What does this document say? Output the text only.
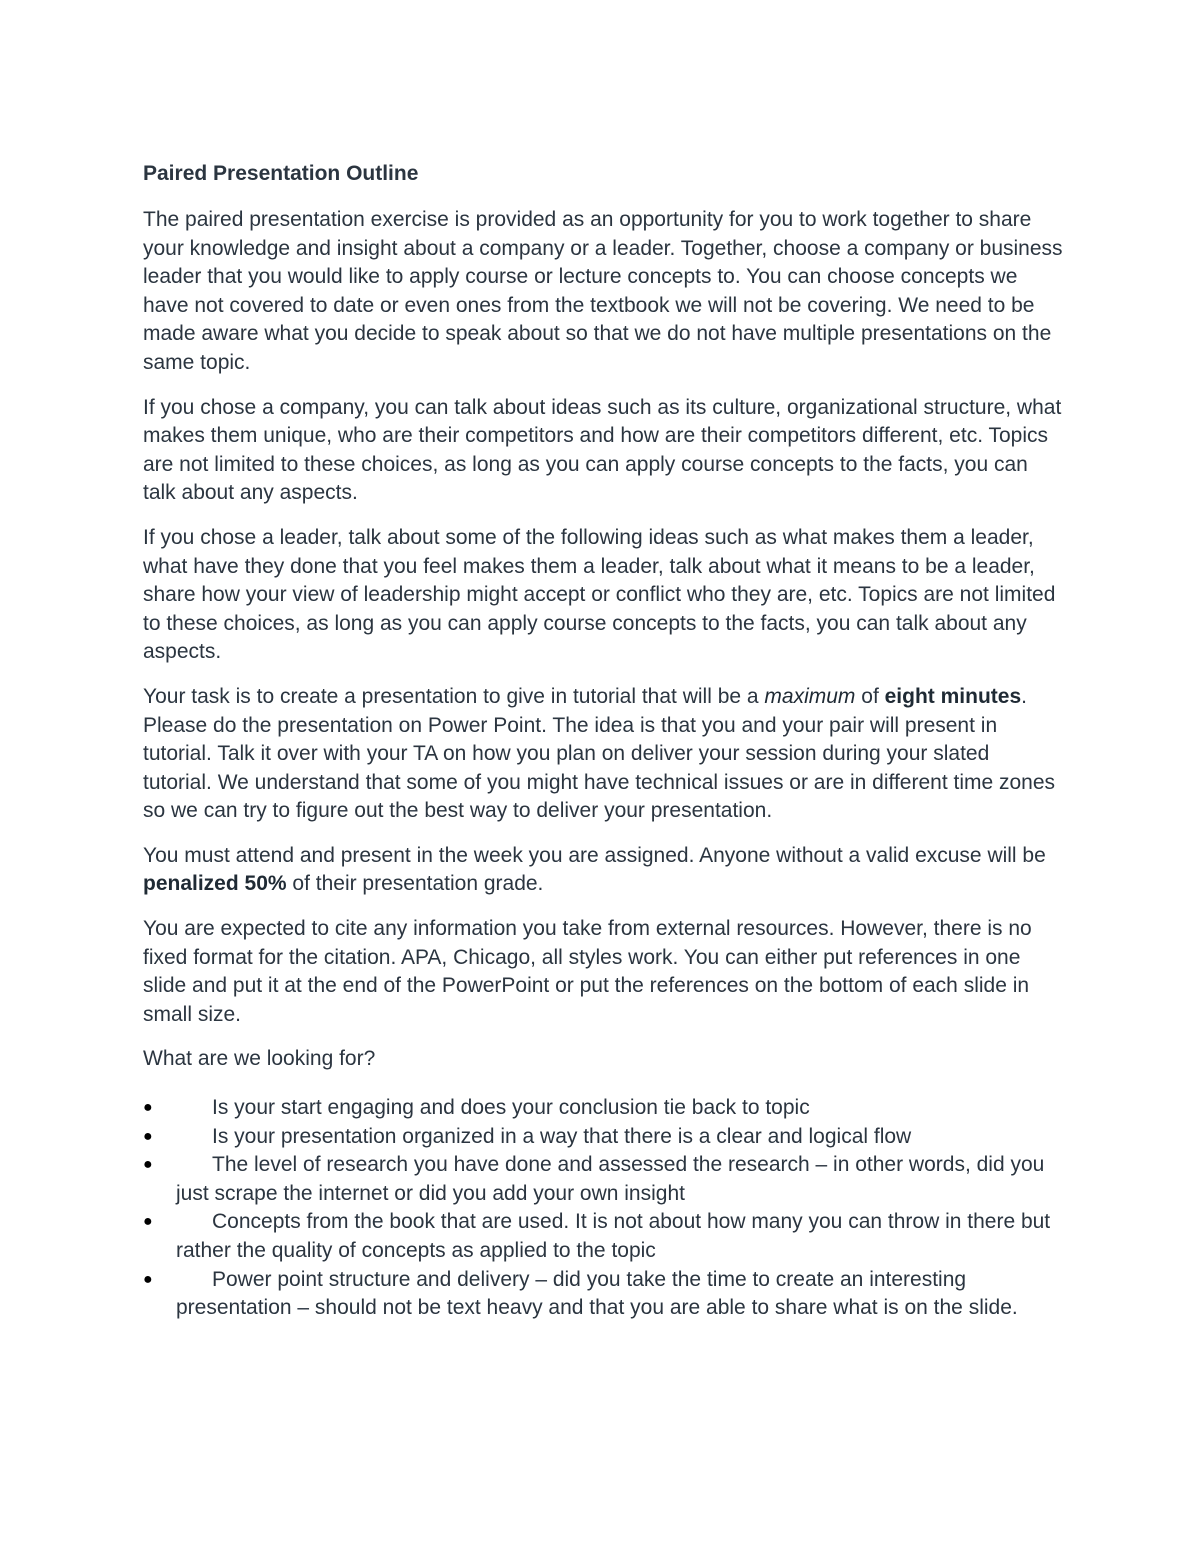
Paired Presentation Outline

The paired presentation exercise is provided as an opportunity for you to work together to share your knowledge and insight about a company or a leader. Together, choose a company or business leader that you would like to apply course or lecture concepts to. You can choose concepts we have not covered to date or even ones from the textbook we will not be covering. We need to be made aware what you decide to speak about so that we do not have multiple presentations on the same topic.

If you chose a company, you can talk about ideas such as its culture, organizational structure, what makes them unique, who are their competitors and how are their competitors different, etc. Topics are not limited to these choices, as long as you can apply course concepts to the facts, you can talk about any aspects.

If you chose a leader, talk about some of the following ideas such as what makes them a leader, what have they done that you feel makes them a leader, talk about what it means to be a leader, share how your view of leadership might accept or conflict who they are, etc. Topics are not limited to these choices, as long as you can apply course concepts to the facts, you can talk about any aspects.

Your task is to create a presentation to give in tutorial that will be a maximum of eight minutes. Please do the presentation on Power Point. The idea is that you and your pair will present in tutorial. Talk it over with your TA on how you plan on deliver your session during your slated tutorial. We understand that some of you might have technical issues or are in different time zones so we can try to figure out the best way to deliver your presentation.

You must attend and present in the week you are assigned. Anyone without a valid excuse will be penalized 50% of their presentation grade.

You are expected to cite any information you take from external resources. However, there is no fixed format for the citation. APA, Chicago, all styles work. You can either put references in one slide and put it at the end of the PowerPoint or put the references on the bottom of each slide in small size.

What are we looking for?

●	Is your start engaging and does your conclusion tie back to topic
●	Is your presentation organized in a way that there is a clear and logical flow
●	The level of research you have done and assessed the research – in other words, did you just scrape the internet or did you add your own insight
●	Concepts from the book that are used. It is not about how many you can throw in there but rather the quality of concepts as applied to the topic
●	Power point structure and delivery – did you take the time to create an interesting presentation – should not be text heavy and that you are able to share what is on the slide.
